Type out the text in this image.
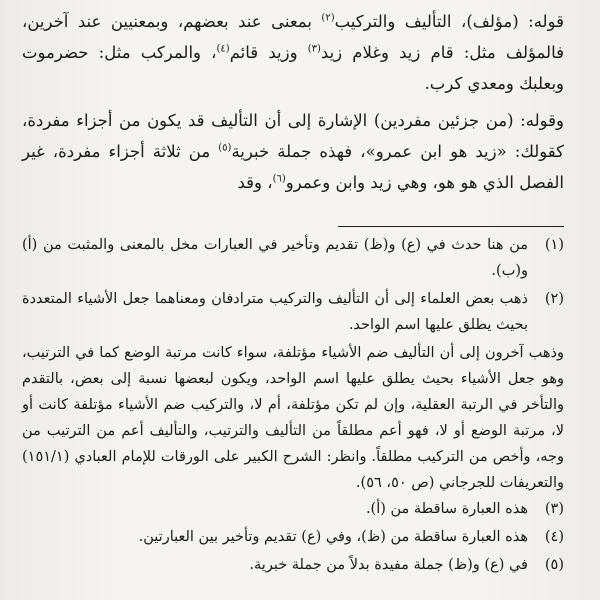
قوله: (مؤلف)، التأليف والتركيب$^{(٢)}$ بمعنى عند بعضهم، وبمعنيين عند آخرين، فالمؤلف مثل: قام زيد وغلام زيد$^{(٣)}$ وزيد قائم$^{(٤)}$، والمركب مثل: حضرموت وبعلبك ومعدي كرب.

وقوله: (من جزئين مفردين) الإشارة إلى أن التأليف قد يكون من أجزاء مفردة، كقولك: «زيد هو ابن عمرو»، فهذه جملة خبرية$^{(٥)}$ من ثلاثة أجزاء مفردة، غير الفصل الذي هو هو، وهي زيد وابن وعمرو$^{(٦)}$، وقد

(١)
من هنا حدث في (ع) و(ظ) تقديم وتأخير في العبارات مخل بالمعنى والمثبت من (أ) و(ب).
(٢)
ذهب بعض العلماء إلى أن التأليف والتركيب مترادفان ومعناهما جعل الأشياء المتعددة بحيث يطلق عليها اسم الواحد.
وذهب آخرون إلى أن التأليف ضم الأشياء مؤتلفة، سواء كانت مرتبة الوضع كما في الترتيب، وهو جعل الأشياء بحيث يطلق عليها اسم الواحد، ويكون لبعضها نسبة إلى بعض، بالتقدم والتأخر في الرتبة العقلية، وإن لم تكن مؤتلفة، أم لا، والتركيب ضم الأشياء مؤتلفة كانت أو لا، مرتبة الوضع أو لا، فهو أعم مطلقاً من التأليف والترتيب، والتأليف أعم من الترتيب من وجه، وأخص من التركيب مطلقاً. وانظر: الشرح الكبير على الورقات للإمام العبادي (١٥١/١) والتعريفات للجرجاني (ص ٥٠، ٥٦).
(٣)
هذه العبارة ساقطة من (أ).
(٤)
هذه العبارة ساقطة من (ظ)، وفي (ع) تقديم وتأخير بين العبارتين.
(٥)
في (ع) و(ظ) جملة مفيدة بدلاً من جملة خبرية.
